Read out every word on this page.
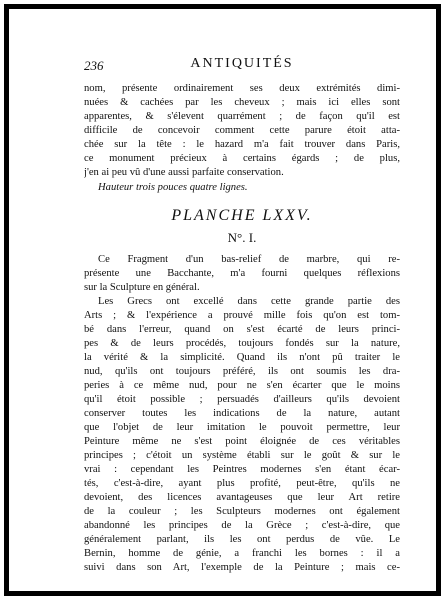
236	ANTIQUITÉS
nom, présente ordinairement ses deux extrémités dimi-
nuées & cachées par les cheveux ; mais ici elles sont
apparentes, & s'élevent quarrément ; de façon qu'il est
difficile de concevoir comment cette parure étoit atta-
chée sur la tête : le hazard m'a fait trouver dans Paris,
ce monument précieux à certains égards ; de plus,
j'en ai peu vû d'une aussi parfaite conservation.
Hauteur trois pouces quatre lignes.
PLANCHE LXXV.
N°. I.
Ce Fragment d'un bas-relief de marbre, qui re-
présente une Bacchante, m'a fourni quelques réflexions
sur la Sculpture en général.
Les Grecs ont excellé dans cette grande partie des
Arts ; & l'expérience a prouvé mille fois qu'on est tom-
bé dans l'erreur, quand on s'est écarté de leurs princi-
pes & de leurs procédés, toujours fondés sur la nature,
la vérité & la simplicité. Quand ils n'ont pû traiter le
nud, qu'ils ont toujours préféré, ils ont soumis les dra-
peries à ce même nud, pour ne s'en écarter que le moins
qu'il étoit possible ; persuadés d'ailleurs qu'ils devoient
conserver toutes les indications de la nature, autant
que l'objet de leur imitation le pouvoit permettre, leur
Peinture même ne s'est point éloignée de ces véritables
principes ; c'étoit un système établi sur le goût & sur le
vrai : cependant les Peintres modernes s'en étant écar-
tés, c'est-à-dire, ayant plus profité, peut-être, qu'ils ne
devoient, des licences avantageuses que leur Art retire
de la couleur ; les Sculpteurs modernes ont également
abandonné les principes de la Grèce ; c'est-à-dire, que
généralement parlant, ils les ont perdus de vûe. Le
Bernin, homme de génie, a franchi les bornes : il a
suivi dans son Art, l'exemple de la Peinture ; mais ce-
